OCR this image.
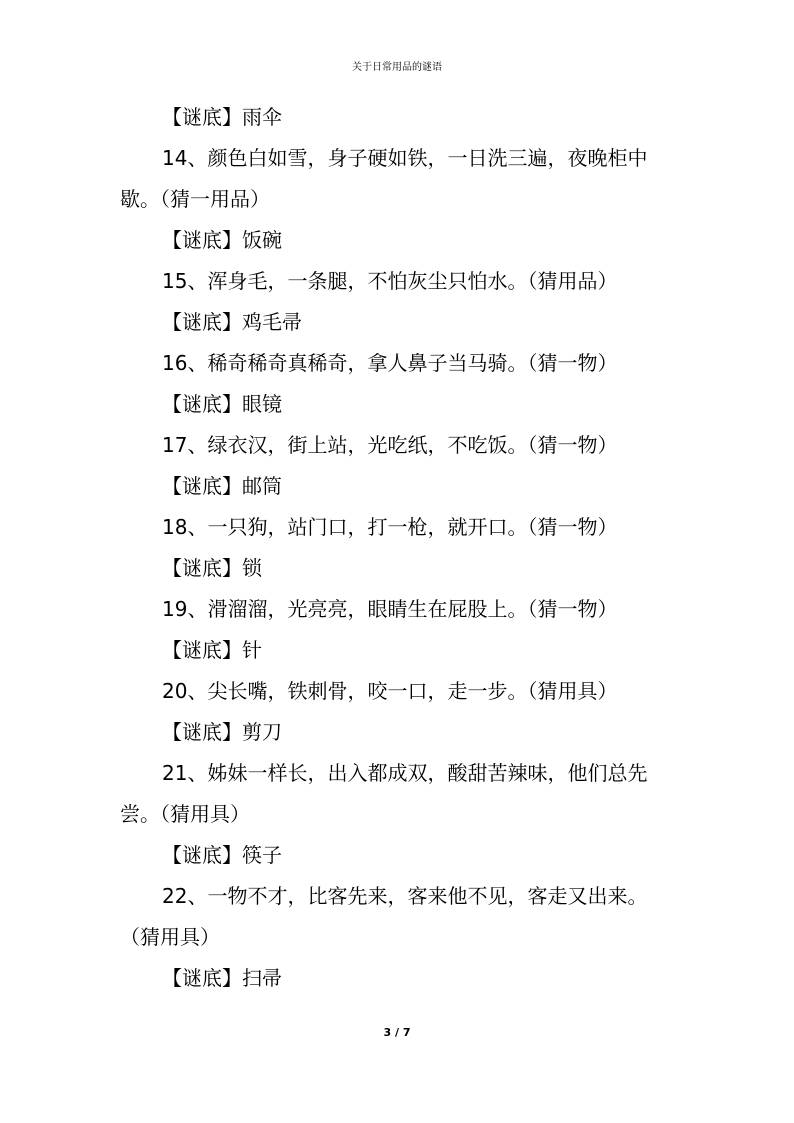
关于日常用品的谜语
【谜底】雨伞
14、颜色白如雪，身子硬如铁，一日洗三遍，夜晚柜中
歇。（猜一用品）
【谜底】饭碗
15、浑身毛，一条腿，不怕灰尘只怕水。（猜用品）
【谜底】鸡毛帚
16、稀奇稀奇真稀奇，拿人鼻子当马骑。（猜一物）
【谜底】眼镜
17、绿衣汉，街上站，光吃纸，不吃饭。（猜一物）
【谜底】邮筒
18、一只狗，站门口，打一枪，就开口。（猜一物）
【谜底】锁
19、滑溜溜，光亮亮，眼睛生在屁股上。（猜一物）
【谜底】针
20、尖长嘴，铁刺骨，咬一口，走一步。（猜用具）
【谜底】剪刀
21、姊妹一样长，出入都成双，酸甜苦辣味，他们总先
尝。（猜用具）
【谜底】筷子
22、一物不才，比客先来，客来他不见，客走又出来。
（猜用具）
【谜底】扫帚
3 / 7
